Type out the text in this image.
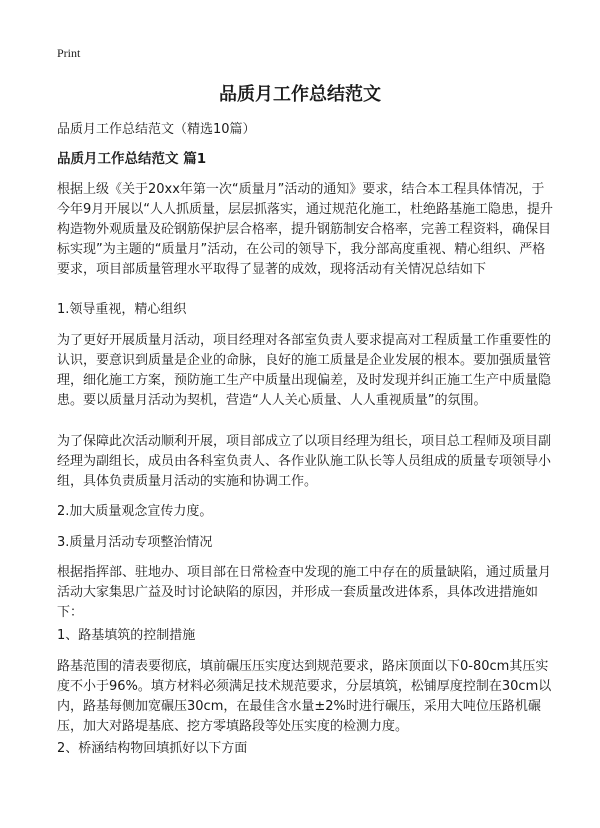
Print
品质月工作总结范文
品质月工作总结范文（精选10篇）
品质月工作总结范文 篇1
根据上级《关于20xx年第一次“质量月”活动的通知》要求，结合本工程具体情况，于今年9月开展以“人人抓质量，层层抓落实，通过规范化施工，杜绝路基施工隐患，提升构造物外观质量及砼钢筋保护层合格率，提升钢筋制安合格率，完善工程资料，确保目标实现”为主题的“质量月”活动，在公司的领导下，我分部高度重视、精心组织、严格要求，项目部质量管理水平取得了显著的成效，现将活动有关情况总结如下
1.领导重视，精心组织
为了更好开展质量月活动，项目经理对各部室负责人要求提高对工程质量工作重要性的认识，要意识到质量是企业的命脉，良好的施工质量是企业发展的根本。要加强质量管理，细化施工方案，预防施工生产中质量出现偏差，及时发现并纠正施工生产中质量隐患。要以质量月活动为契机，营造“人人关心质量、人人重视质量”的氛围。
为了保障此次活动顺利开展，项目部成立了以项目经理为组长，项目总工程师及项目副经理为副组长，成员由各科室负责人、各作业队施工队长等人员组成的质量专项领导小组，具体负责质量月活动的实施和协调工作。
2.加大质量观念宣传力度。
3.质量月活动专项整治情况
根据指挥部、驻地办、项目部在日常检查中发现的施工中存在的质量缺陷，通过质量月活动大家集思广益及时讨论缺陷的原因，并形成一套质量改进体系，具体改进措施如下：
1、路基填筑的控制措施
路基范围的清表要彻底，填前碾压压实度达到规范要求，路床顶面以下0-80cm其压实度不小于96%。填方材料必须满足技术规范要求，分层填筑，松铺厚度控制在30cm以内，路基每侧加宽碾压30cm，在最佳含水量±2%时进行碾压，采用大吨位压路机碾压，加大对路堤基底、挖方零填路段等处压实度的检测力度。
2、桥涵结构物回填抓好以下方面
